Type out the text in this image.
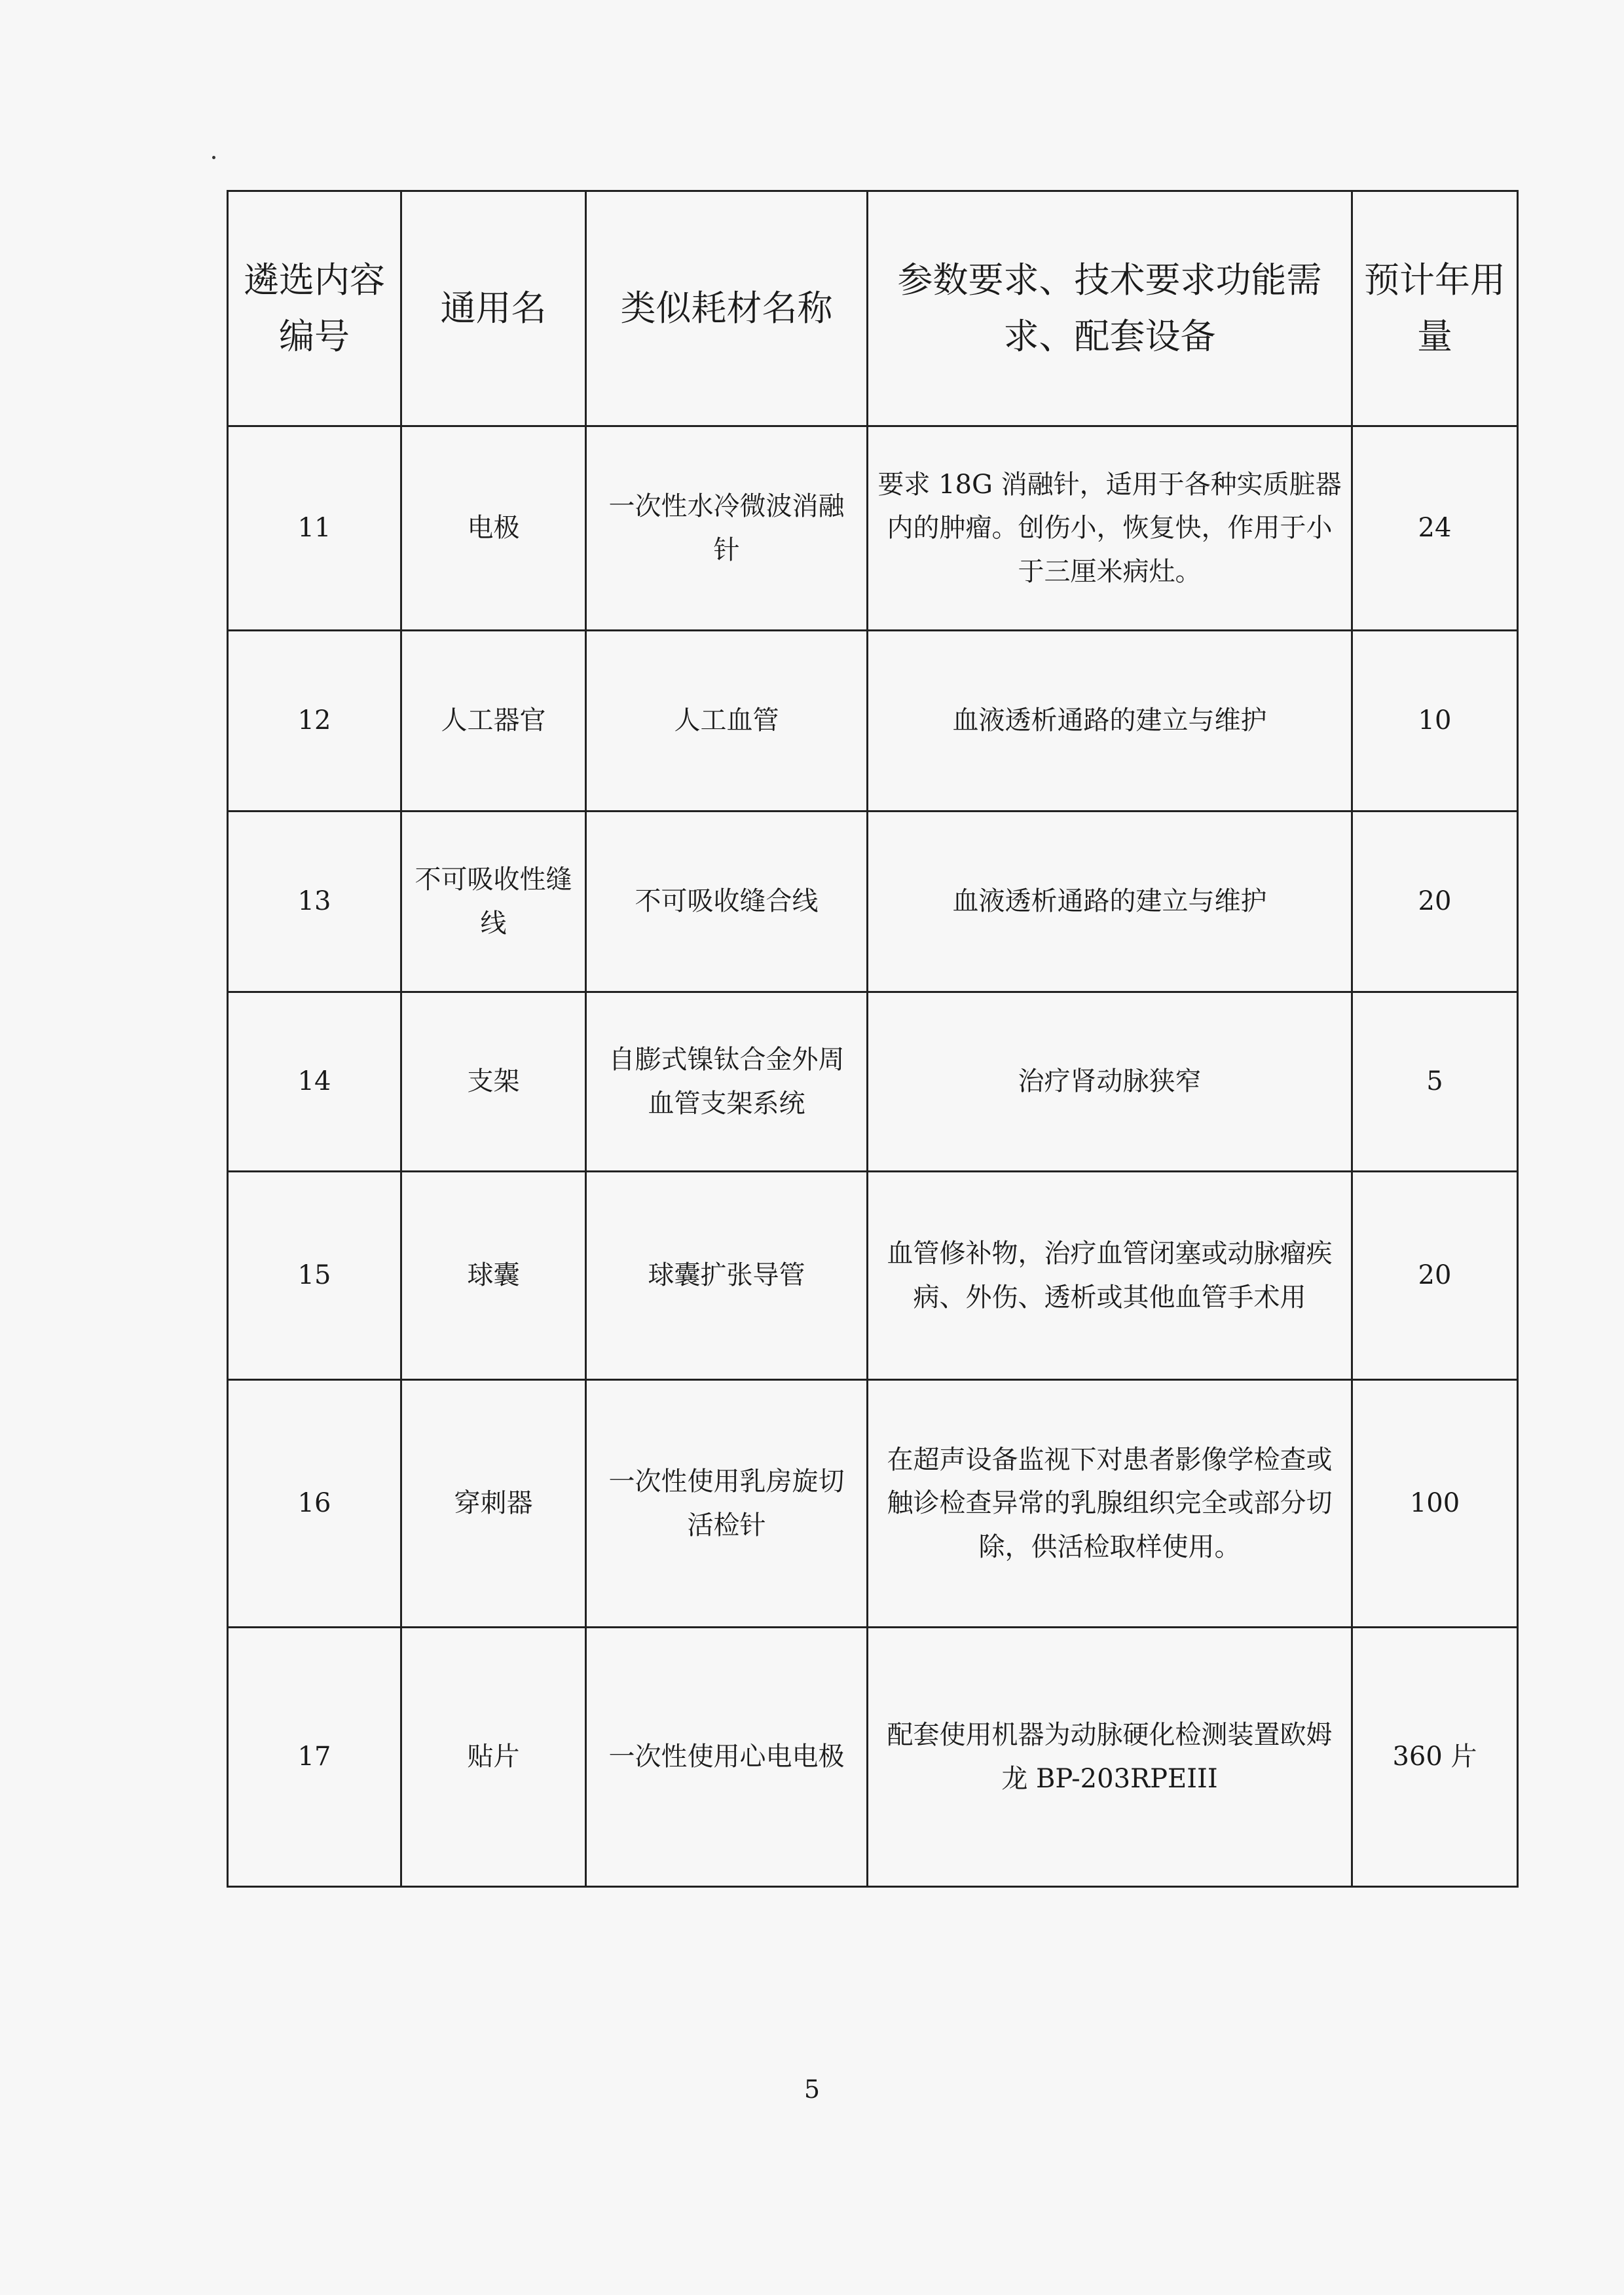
遴选内容编号	通用名	类似耗材名称	参数要求、技术要求功能需求、配套设备	预计年用量
11	电极	一次性水冷微波消融针	要求 18G 消融针，适用于各种实质脏器内的肿瘤。创伤小，恢复快，作用于小于三厘米病灶。	24
12	人工器官	人工血管	血液透析通路的建立与维护	10
13	不可吸收性缝线	不可吸收缝合线	血液透析通路的建立与维护	20
14	支架	自膨式镍钛合金外周血管支架系统	治疗肾动脉狭窄	5
15	球囊	球囊扩张导管	血管修补物，治疗血管闭塞或动脉瘤疾病、外伤、透析或其他血管手术用	20
16	穿刺器	一次性使用乳房旋切活检针	在超声设备监视下对患者影像学检查或触诊检查异常的乳腺组织完全或部分切除，供活检取样使用。	100
17	贴片	一次性使用心电电极	配套使用机器为动脉硬化检测装置欧姆龙 BP-203RPEIII	360 片
5
